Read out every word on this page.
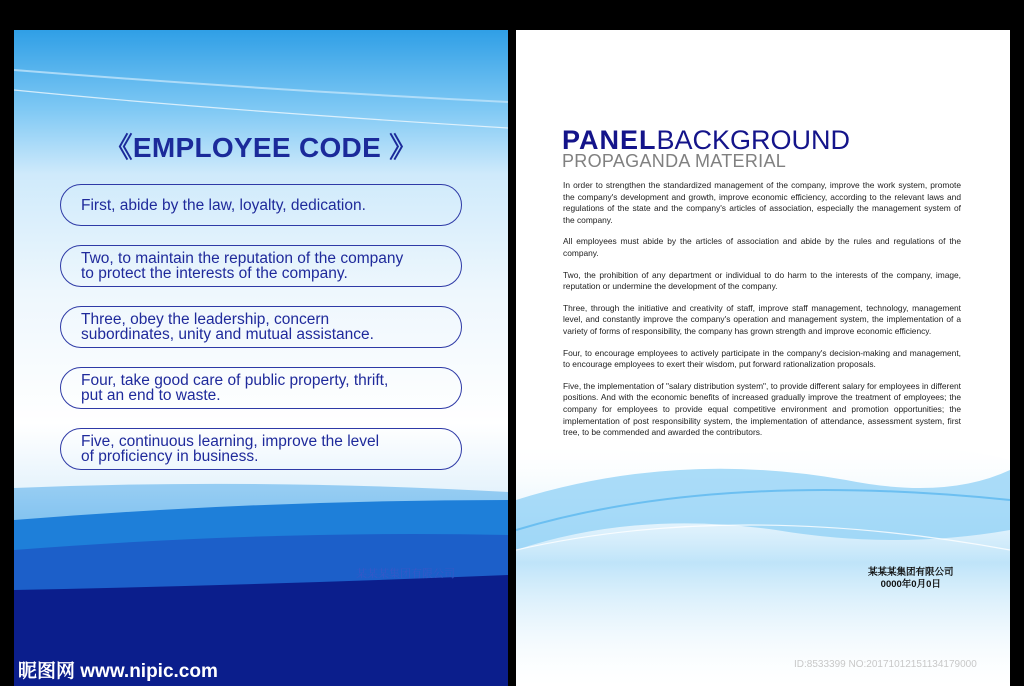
《EMPLOYEE CODE 》
First, abide by the law, loyalty, dedication.
Two, to maintain the reputation of the company
to protect the interests of the company.
Three, obey the leadership, concern
subordinates, unity and mutual assistance.
Four, take good care of public property, thrift,
put an end to waste.
Five, continuous learning, improve the level
of proficiency in business.
某某某集团有限公司
昵图网 www.nipic.com
PANELBACKGROUND
PROPAGANDA MATERIAL

In order to strengthen the standardized management of the company, improve the work system, promote the company's development and growth, improve economic efficiency, according to the relevant laws and regulations of the state and the company's articles of association, especially the management system of the company.

All employees must abide by the articles of association and abide by the rules and regulations of the company.

Two, the prohibition of any department or individual to do harm to the interests of the company, image, reputation or undermine the development of the company.

Three, through the initiative and creativity of staff, improve staff management, technology, management level, and constantly improve the company's operation and management system, the implementation of a variety of forms of responsibility, the company has grown strength and improve economic efficiency.

Four, to encourage employees to actively participate in the company's decision-making and management, to encourage employees to exert their wisdom, put forward rationalization proposals.

Five, the implementation of "salary distribution system", to provide different salary for employees in different positions. And with the economic benefits of increased gradually improve the treatment of employees; the company for employees to provide equal competitive environment and promotion opportunities; the implementation of post responsibility system, the implementation of attendance, assessment system, first tree, to be commended and awarded the contributors.

某某某集团有限公司
0000年0月0日
ID:8533399 NO:20171012151134179000
